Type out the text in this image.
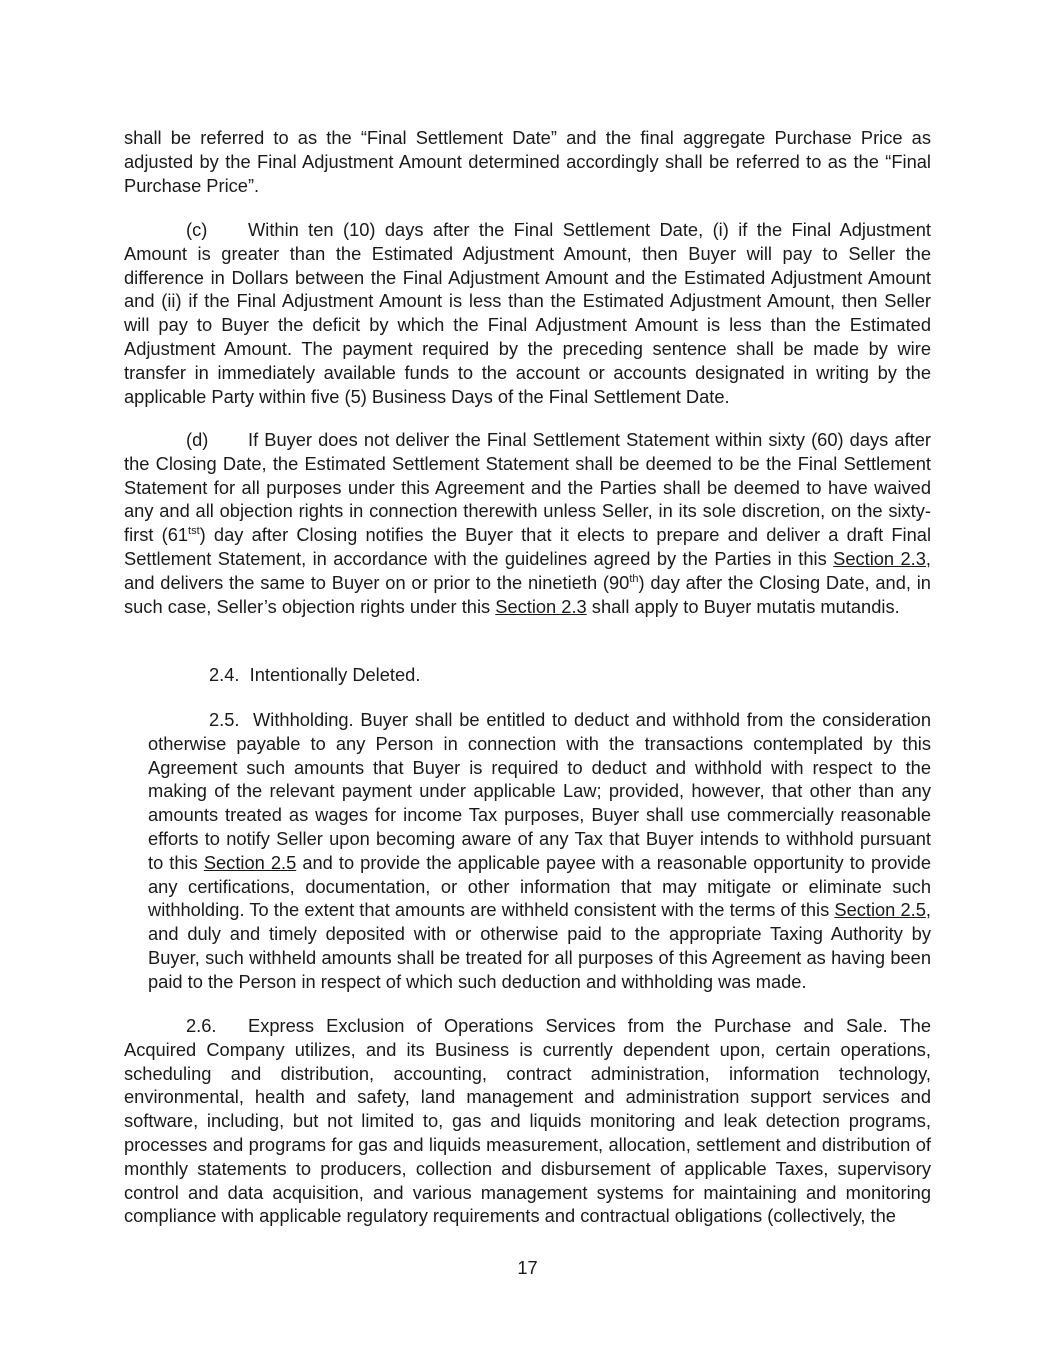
shall be referred to as the “Final Settlement Date” and the final aggregate Purchase Price as adjusted by the Final Adjustment Amount determined accordingly shall be referred to as the “Final Purchase Price”.

(c) Within ten (10) days after the Final Settlement Date, (i) if the Final Adjustment Amount is greater than the Estimated Adjustment Amount, then Buyer will pay to Seller the difference in Dollars between the Final Adjustment Amount and the Estimated Adjustment Amount and (ii) if the Final Adjustment Amount is less than the Estimated Adjustment Amount, then Seller will pay to Buyer the deficit by which the Final Adjustment Amount is less than the Estimated Adjustment Amount. The payment required by the preceding sentence shall be made by wire transfer in immediately available funds to the account or accounts designated in writing by the applicable Party within five (5) Business Days of the Final Settlement Date.

(d) If Buyer does not deliver the Final Settlement Statement within sixty (60) days after the Closing Date, the Estimated Settlement Statement shall be deemed to be the Final Settlement Statement for all purposes under this Agreement and the Parties shall be deemed to have waived any and all objection rights in connection therewith unless Seller, in its sole discretion, on the sixty-first $(61^{tst})$ day after Closing notifies the Buyer that it elects to prepare and deliver a draft Final Settlement Statement, in accordance with the guidelines agreed by the Parties in this Section 2.3, and delivers the same to Buyer on or prior to the ninetieth (90th) day after the Closing Date, and, in such case, Seller’s objection rights under this Section 2.3 shall apply to Buyer mutatis mutandis.

2.4. Intentionally Deleted.

2.5. Withholding. Buyer shall be entitled to deduct and withhold from the consideration otherwise payable to any Person in connection with the transactions contemplated by this Agreement such amounts that Buyer is required to deduct and withhold with respect to the making of the relevant payment under applicable Law; provided, however, that other than any amounts treated as wages for income Tax purposes, Buyer shall use commercially reasonable efforts to notify Seller upon becoming aware of any Tax that Buyer intends to withhold pursuant to this Section 2.5 and to provide the applicable payee with a reasonable opportunity to provide any certifications, documentation, or other information that may mitigate or eliminate such withholding. To the extent that amounts are withheld consistent with the terms of this Section 2.5, and duly and timely deposited with or otherwise paid to the appropriate Taxing Authority by Buyer, such withheld amounts shall be treated for all purposes of this Agreement as having been paid to the Person in respect of which such deduction and withholding was made.

2.6. Express Exclusion of Operations Services from the Purchase and Sale. The Acquired Company utilizes, and its Business is currently dependent upon, certain operations, scheduling and distribution, accounting, contract administration, information technology, environmental, health and safety, land management and administration support services and software, including, but not limited to, gas and liquids monitoring and leak detection programs, processes and programs for gas and liquids measurement, allocation, settlement and distribution of monthly statements to producers, collection and disbursement of applicable Taxes, supervisory control and data acquisition, and various management systems for maintaining and monitoring compliance with applicable regulatory requirements and contractual obligations (collectively, the

17
